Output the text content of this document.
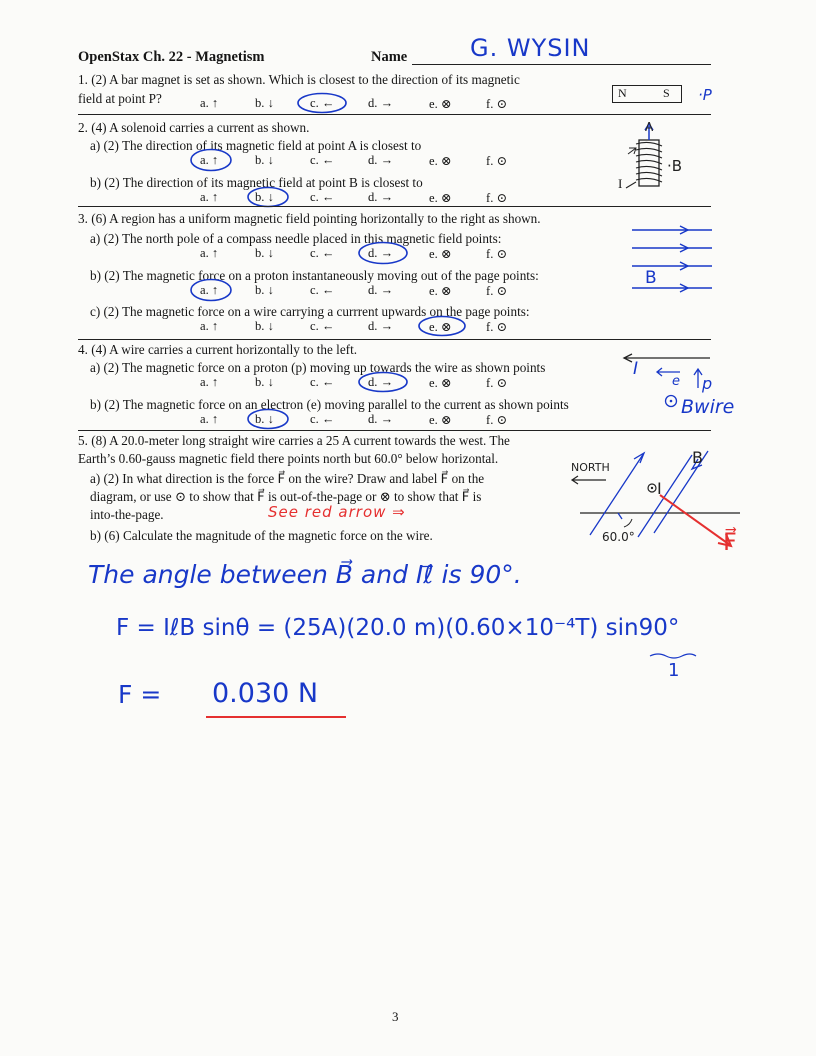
OpenStax Ch. 22 - Magnetism	Name	G. WYSIN
1. (2) A bar magnet is set as shown. Which is closest to the direction of its magnetic
field at point P?	a. ↑	b. ↓	c. ←	d. →	e. ⊗	f. ⊙
N	S ·P
2. (4) A solenoid carries a current as shown.
a) (2) The direction of its magnetic field at point A is closest to
a. ↑	b. ↓	c. ←	d. →	e. ⊗	f. ⊙
b) (2) The direction of its magnetic field at point B is closest to
a. ↑	b. ↓	c. ←	d. →	e. ⊗	f. ⊙
A
·B
I
3. (6) A region has a uniform magnetic field pointing horizontally to the right as shown.
a) (2) The north pole of a compass needle placed in this magnetic field points:
a. ↑	b. ↓	c. ←	d. →	e. ⊗	f. ⊙
b) (2) The magnetic force on a proton instantaneously moving out of the page points:
a. ↑	b. ↓	c. ←	d. →	e. ⊗	f. ⊙
c) (2) The magnetic force on a wire carrying a currrent upwards on the page points:
a. ↑	b. ↓	c. ←	d. →	e. ⊗	f. ⊙
B
4. (4) A wire carries a current horizontally to the left.
a) (2) The magnetic force on a proton (p) moving up towards the wire as shown points
a. ↑	b. ↓	c. ←	d. →	e. ⊗	f. ⊙
b) (2) The magnetic force on an electron (e) moving parallel to the current as shown points
a. ↑	b. ↓	c. ←	d. →	e. ⊗	f. ⊙
I
e p
Bwire
5. (8) A 20.0-meter long straight wire carries a 25 A current towards the west. The
Earth’s 0.60-gauss magnetic field there points north but 60.0° below horizontal.
a) (2) In what direction is the force F⃗ on the wire? Draw and label F⃗ on the
diagram, or use ⊙ to show that F⃗ is out-of-the-page or ⊗ to show that F⃗ is
into-the-page.	See red arrow ⇒
b) (6) Calculate the magnitude of the magnetic force on the wire.
NORTH
B
I
F⃗
60.0°
The angle between B⃗ and Iℓ⃗ is 90°.
F = IℓB sinθ = (25A)(20.0 m)(0.60×10⁻⁴T) sin90°
1
F = 0.030 N
3
